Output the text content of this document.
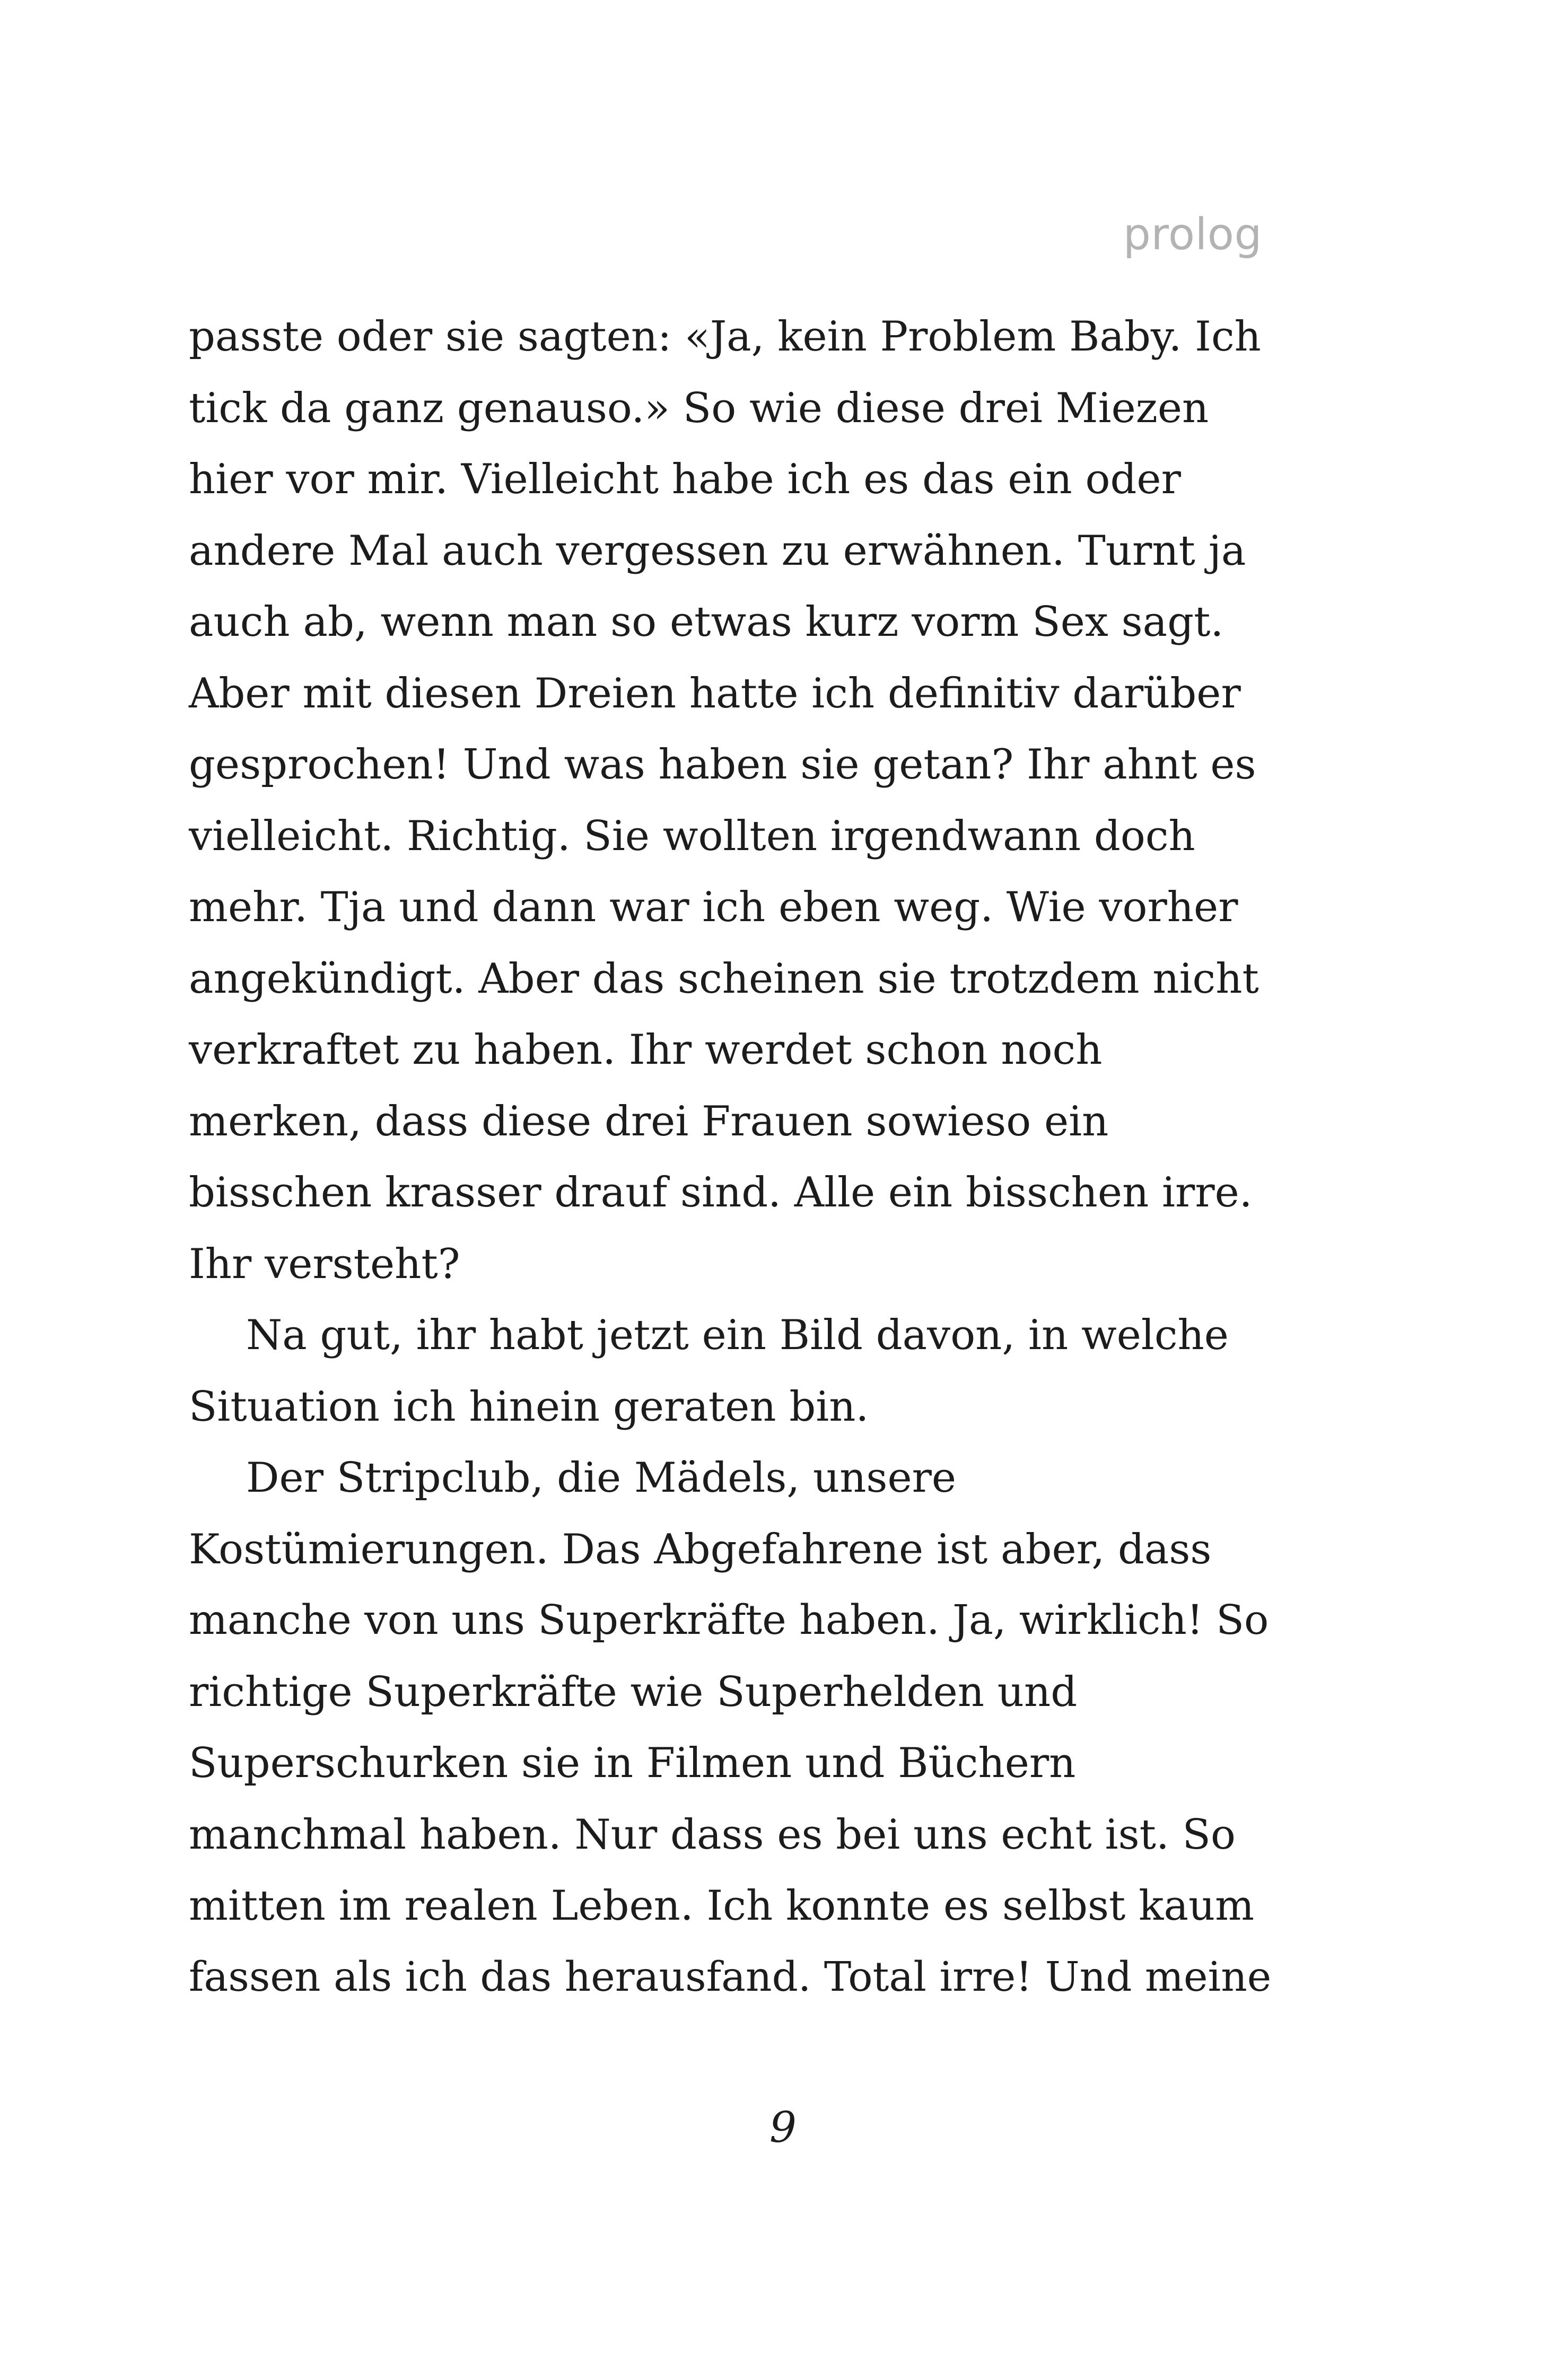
prolog
passte oder sie sagten: «Ja, kein Problem Baby. Ich
tick da ganz genauso.» So wie diese drei Miezen
hier vor mir. Vielleicht habe ich es das ein oder
andere Mal auch vergessen zu erwähnen. Turnt ja
auch ab, wenn man so etwas kurz vorm Sex sagt.
Aber mit diesen Dreien hatte ich definitiv darüber
gesprochen! Und was haben sie getan? Ihr ahnt es
vielleicht. Richtig. Sie wollten irgendwann doch
mehr. Tja und dann war ich eben weg. Wie vorher
angekündigt. Aber das scheinen sie trotzdem nicht
verkraftet zu haben. Ihr werdet schon noch
merken, dass diese drei Frauen sowieso ein
bisschen krasser drauf sind. Alle ein bisschen irre.
Ihr versteht?
Na gut, ihr habt jetzt ein Bild davon, in welche
Situation ich hinein geraten bin.
Der Stripclub, die Mädels, unsere
Kostümierungen. Das Abgefahrene ist aber, dass
manche von uns Superkräfte haben. Ja, wirklich! So
richtige Superkräfte wie Superhelden und
Superschurken sie in Filmen und Büchern
manchmal haben. Nur dass es bei uns echt ist. So
mitten im realen Leben. Ich konnte es selbst kaum
fassen als ich das herausfand. Total irre! Und meine
9
